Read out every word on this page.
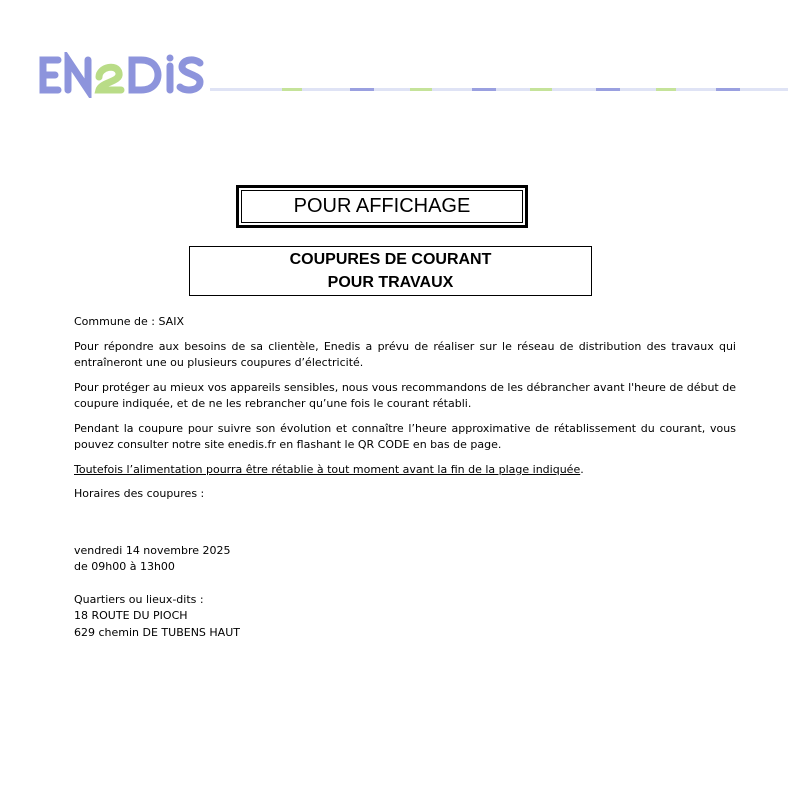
POUR AFFICHAGE
COUPURES DE COURANT
POUR TRAVAUX

Commune de : SAIX

Pour répondre aux besoins de sa clientèle, Enedis a prévu de réaliser sur le réseau de distribution des travaux qui entraîneront une ou plusieurs coupures d’électricité.

Pour protéger au mieux vos appareils sensibles, nous vous recommandons de les débrancher avant l'heure de début de coupure indiquée, et de ne les rebrancher qu’une fois le courant rétabli.

Pendant la coupure pour suivre son évolution et connaître l’heure approximative de rétablissement du courant, vous pouvez consulter notre site enedis.fr en flashant le QR CODE en bas de page.

Toutefois l’alimentation pourra être rétablie à tout moment avant la fin de la plage indiquée.

Horaires des coupures :

vendredi 14 novembre 2025
de 09h00 à 13h00
Quartiers ou lieux-dits :
18 ROUTE DU PIOCH
629 chemin DE TUBENS HAUT
